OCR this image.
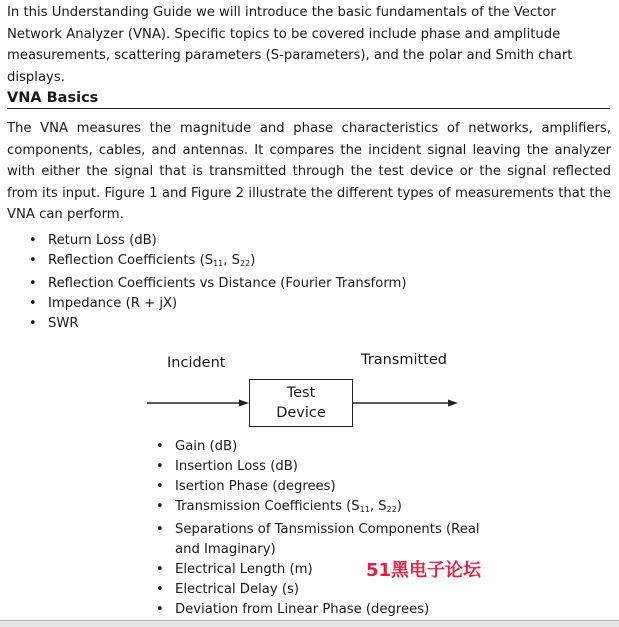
In this Understanding Guide we will introduce the basic fundamentals of the Vector Network Analyzer (VNA). Specific topics to be covered include phase and amplitude measurements, scattering parameters (S-parameters), and the polar and Smith chart displays.

VNA Basics

The VNA measures the magnitude and phase characteristics of networks, amplifiers, components, cables, and antennas. It compares the incident signal leaving the analyzer with either the signal that is transmitted through the test device or the signal reflected from its input. Figure 1 and Figure 2 illustrate the different types of measurements that the VNA can perform.

• Return Loss (dB)
• Reflection Coefficients ($S_{11}$, $S_{22}$)
• Reflection Coefficients vs Distance (Fourier Transform)
• Impedance (R + jX)
• SWR
Incident	Transmitted
Test
Device
• Gain (dB)
• Insertion Loss (dB)
• Isertion Phase (degrees)
• Transmission Coefficients ($S_{11}$, $S_{22}$)
• Separations of Tansmission Components (Real and Imaginary)
• Electrical Length (m)
• Electrical Delay (s)
• Deviation from Linear Phase (degrees)
51黑电子论坛
